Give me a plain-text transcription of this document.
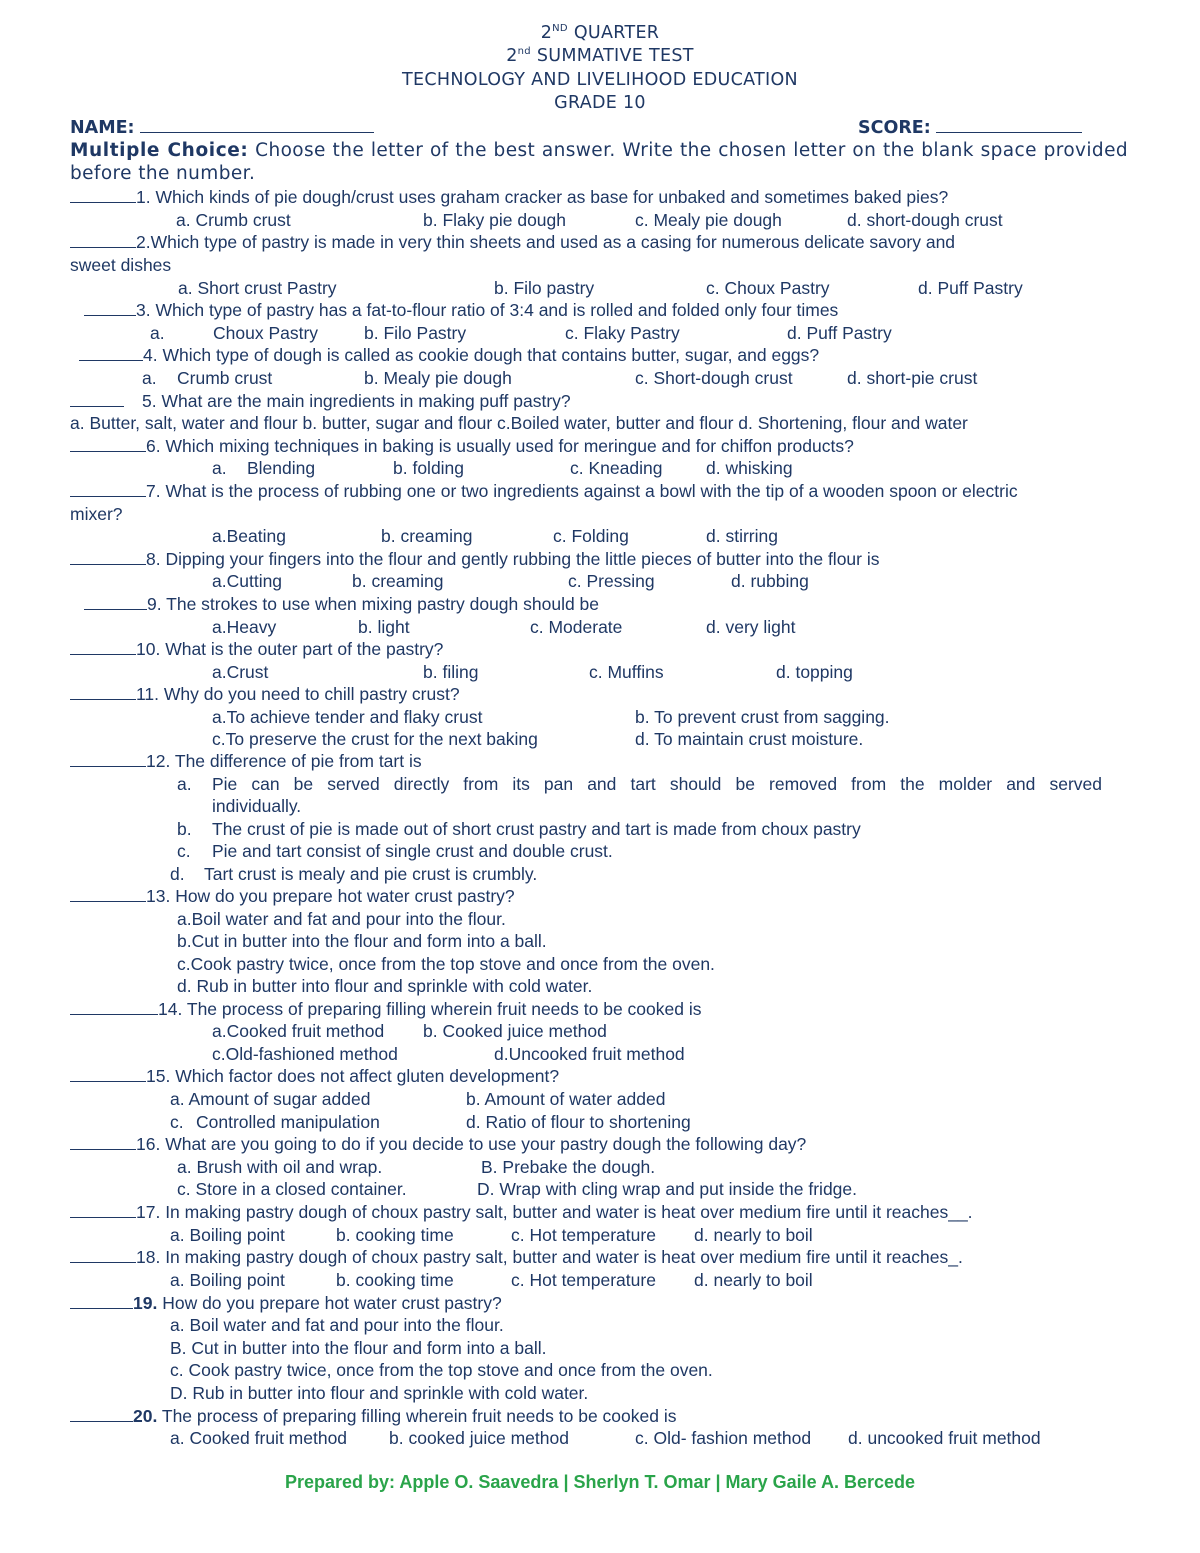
2ND QUARTER
2nd SUMMATIVE TEST
TECHNOLOGY AND LIVELIHOOD EDUCATION
GRADE 10
NAME:	SCORE:
Multiple Choice: Choose the letter of the best answer. Write the chosen letter on the blank space provided before the number.
1. Which kinds of pie dough/crust uses graham cracker as base for unbaked and sometimes baked pies?
a. Crumb crust	b. Flaky pie dough	c. Mealy pie dough	d. short-dough crust
2.Which type of pastry is made in very thin sheets and used as a casing for numerous delicate savory and
sweet dishes
a. Short crust Pastry	b. Filo pastry	c. Choux Pastry	d. Puff Pastry
3. Which type of pastry has a fat-to-flour ratio of 3:4 and is rolled and folded only four times
a.	Choux Pastry	b. Filo Pastry	c. Flaky Pastry	d. Puff Pastry
4. Which type of dough is called as cookie dough that contains butter, sugar, and eggs?
a. Crumb crust	b. Mealy pie dough	c. Short-dough crust	d. short-pie crust
5. What are the main ingredients in making puff pastry?
a. Butter, salt, water and flour b. butter, sugar and flour c.Boiled water, butter and flour d. Shortening, flour and water
6. Which mixing techniques in baking is usually used for meringue and for chiffon products?
a. Blending	b. folding	c. Kneading d. whisking
7. What is the process of rubbing one or two ingredients against a bowl with the tip of a wooden spoon or electric
mixer?
a.Beating	b. creaming	c. Folding	d. stirring
8. Dipping your fingers into the flour and gently rubbing the little pieces of butter into the flour is
a.Cutting	b. creaming	c. Pressing	d. rubbing
9. The strokes to use when mixing pastry dough should be
a.Heavy	b. light	c. Moderate	d. very light
10. What is the outer part of the pastry?
a.Crust	b. filing	c. Muffins	d. topping
11. Why do you need to chill pastry crust?
a.To achieve tender and flaky crust	b. To prevent crust from sagging.
c.To preserve the crust for the next baking	d. To maintain crust moisture.
12. The difference of pie from tart is
a. Pie can be served directly from its pan and tart should be removed from the molder and served
individually.
b. The crust of pie is made out of short crust pastry and tart is made from choux pastry
c. Pie and tart consist of single crust and double crust.
d. Tart crust is mealy and pie crust is crumbly.
13. How do you prepare hot water crust pastry?
a.Boil water and fat and pour into the flour.
b.Cut in butter into the flour and form into a ball.
c.Cook pastry twice, once from the top stove and once from the oven.
d. Rub in butter into flour and sprinkle with cold water.
14. The process of preparing filling wherein fruit needs to be cooked is
a.Cooked fruit method b. Cooked juice method
c.Old-fashioned method	d.Uncooked fruit method
15. Which factor does not affect gluten development?
a. Amount of sugar added	b. Amount of water added
c. Controlled manipulation	d. Ratio of flour to shortening
16. What are you going to do if you decide to use your pastry dough the following day?
a. Brush with oil and wrap.	B. Prebake the dough.
c. Store in a closed container.	D. Wrap with cling wrap and put inside the fridge.
17. In making pastry dough of choux pastry salt, butter and water is heat over medium fire until it reaches__.
a. Boiling point	b. cooking time	c. Hot temperature d. nearly to boil
18. In making pastry dough of choux pastry salt, butter and water is heat over medium fire until it reaches_.
a. Boiling point	b. cooking time	c. Hot temperature d. nearly to boil
19. How do you prepare hot water crust pastry?
a. Boil water and fat and pour into the flour.
B. Cut in butter into the flour and form into a ball.
c. Cook pastry twice, once from the top stove and once from the oven.
D. Rub in butter into flour and sprinkle with cold water.
20. The process of preparing filling wherein fruit needs to be cooked is
a. Cooked fruit method b. cooked juice method	c. Old- fashion method d. uncooked fruit method
Prepared by: Apple O. Saavedra | Sherlyn T. Omar | Mary Gaile A. Bercede
